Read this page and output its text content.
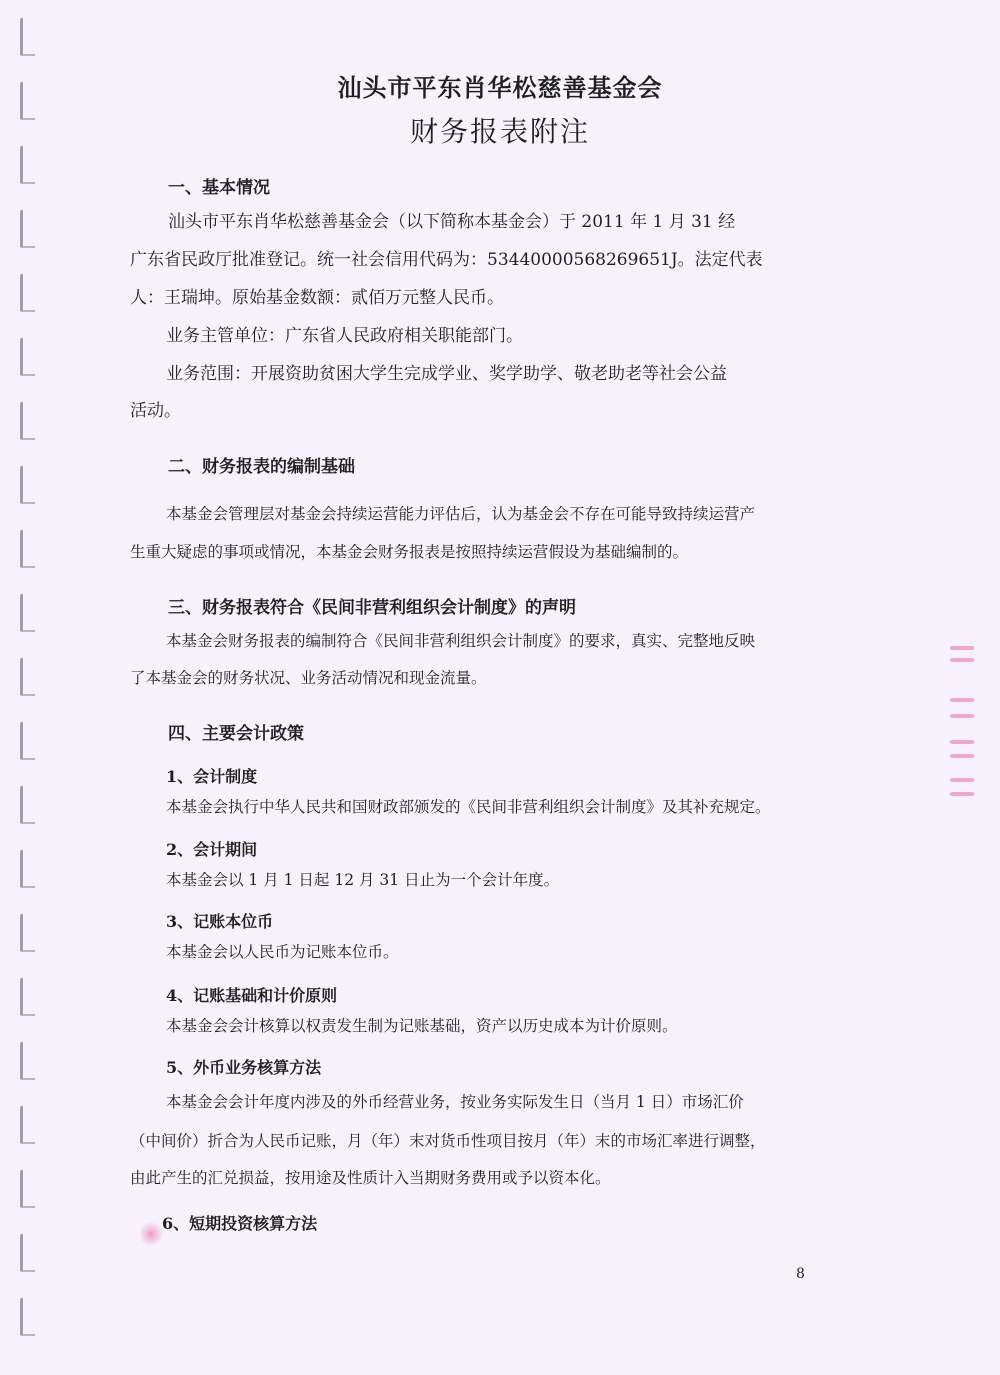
汕头市平东肖华松慈善基金会
财务报表附注
一、基本情况

汕头市平东肖华松慈善基金会（以下简称本基金会）于 2011 年 1 月 31 经

广东省民政厅批准登记。统一社会信用代码为：53440000568269651J。法定代表

人：王瑞坤。原始基金数额：贰佰万元整人民币。

业务主管单位：广东省人民政府相关职能部门。

业务范围：开展资助贫困大学生完成学业、奖学助学、敬老助老等社会公益

活动。

二、财务报表的编制基础

本基金会管理层对基金会持续运营能力评估后，认为基金会不存在可能导致持续运营产

生重大疑虑的事项或情况，本基金会财务报表是按照持续运营假设为基础编制的。

三、财务报表符合《民间非营利组织会计制度》的声明

本基金会财务报表的编制符合《民间非营利组织会计制度》的要求，真实、完整地反映

了本基金会的财务状况、业务活动情况和现金流量。

四、主要会计政策
1、会计制度

本基金会执行中华人民共和国财政部颁发的《民间非营利组织会计制度》及其补充规定。

2、会计期间

本基金会以 1 月 1 日起 12 月 31 日止为一个会计年度。

3、记账本位币

本基金会以人民币为记账本位币。

4、记账基础和计价原则

本基金会会计核算以权责发生制为记账基础，资产以历史成本为计价原则。

5、外币业务核算方法

本基金会会计年度内涉及的外币经营业务，按业务实际发生日（当月 1 日）市场汇价

（中间价）折合为人民币记账，月（年）末对货币性项目按月（年）末的市场汇率进行调整，

由此产生的汇兑损益，按用途及性质计入当期财务费用或予以资本化。

6、短期投资核算方法
8
